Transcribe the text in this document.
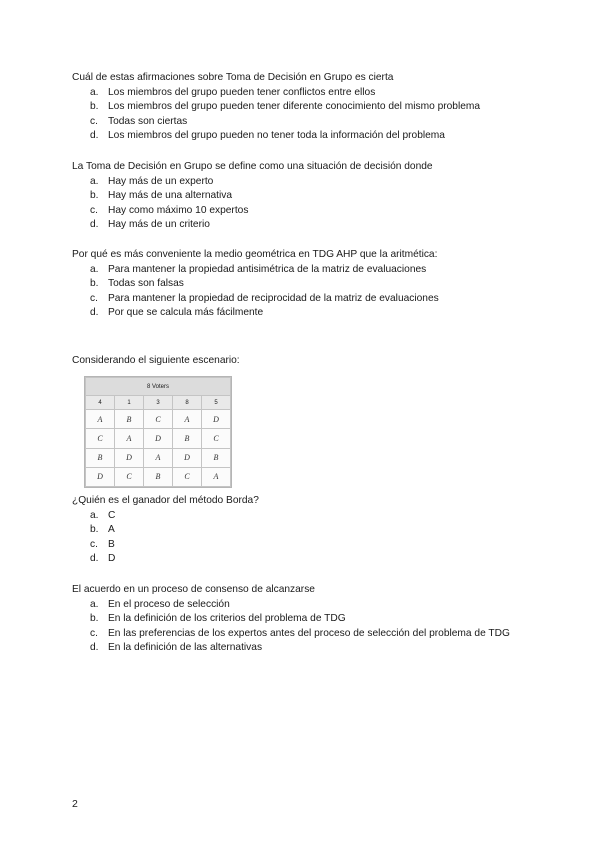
Cuál de estas afirmaciones sobre Toma de Decisión en Grupo es cierta

a. Los miembros del grupo pueden tener conflictos entre ellos
b. Los miembros del grupo pueden tener diferente conocimiento del mismo problema
c. Todas son ciertas
d. Los miembros del grupo pueden no tener toda la información del problema

La Toma de Decisión en Grupo se define como una situación de decisión donde

a. Hay más de un experto
b. Hay más de una alternativa
c. Hay como máximo 10 expertos
d. Hay más de un criterio

Por qué es más conveniente la medio geométrica en TDG AHP que la aritmética:

a. Para mantener la propiedad antisimétrica de la matriz de evaluaciones
b. Todas son falsas
c. Para mantener la propiedad de reciprocidad de la matriz de evaluaciones
d. Por que se calcula más fácilmente

Considerando el siguiente escenario:

8 Voters				
4	1	3	8	5
A	B	C	A	D
C	A	D	B	C
B	D	A	D	B
D	C	B	C	A

¿Quién es el ganador del método Borda?

a. C
b. A
c. B
d. D

El acuerdo en un proceso de consenso de alcanzarse

a. En el proceso de selección
b. En la definición de los criterios del problema de TDG
c. En las preferencias de los expertos antes del proceso de selección del problema de TDG
d. En la definición de las alternativas
2
